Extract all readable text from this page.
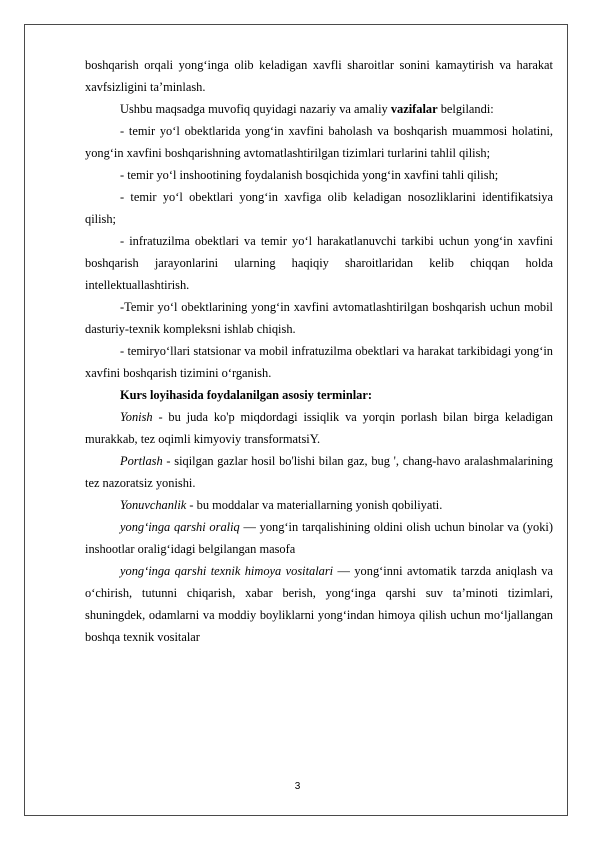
boshqarish orqali yong‘inga olib keladigan xavfli sharoitlar sonini kamaytirish va harakat xavfsizligini ta’minlash.

Ushbu maqsadga muvofiq quyidagi nazariy va amaliy vazifalar belgilandi:

- temir yo‘l obektlarida yong‘in xavfini baholash va boshqarish muammosi holatini, yong‘in xavfini boshqarishning avtomatlashtirilgan tizimlari turlarini tahlil qilish;

- temir yo‘l inshootining foydalanish bosqichida yong‘in xavfini tahli qilish;

- temir yo‘l obektlari yong‘in xavfiga olib keladigan nosozliklarini identifikatsiya qilish;

- infratuzilma obektlari va temir yo‘l harakatlanuvchi tarkibi uchun yong‘in xavfini boshqarish jarayonlarini ularning haqiqiy sharoitlaridan kelib chiqqan holda intellektuallashtirish.

-Temir yo‘l obektlarining yong‘in xavfini avtomatlashtirilgan boshqarish uchun mobil dasturiy-texnik kompleksni ishlab chiqish.

- temiryo‘llari statsionar va mobil infratuzilma obektlari va harakat tarkibidagi yong‘in xavfini boshqarish tizimini o‘rganish.

Kurs loyihasida foydalanilgan asosiy terminlar:

Yonish - bu juda ko'p miqdordagi issiqlik va yorqin porlash bilan birga keladigan murakkab, tez oqimli kimyoviy transformatsiY.

Portlash - siqilgan gazlar hosil bo'lishi bilan gaz, bug ', chang-havo aralashmalarining tez nazoratsiz yonishi.

Yonuvchanlik - bu moddalar va materiallarning yonish qobiliyati.

yong‘inga qarshi oraliq — yong‘in tarqalishining oldini olish uchun binolar va (yoki) inshootlar oralig‘idagi belgilangan masofa

yong‘inga qarshi texnik himoya vositalari — yong‘inni avtomatik tarzda aniqlash va o‘chirish, tutunni chiqarish, xabar berish, yong‘inga qarshi suv ta’minoti tizimlari, shuningdek, odamlarni va moddiy boyliklarni yong‘indan himoya qilish uchun mo‘ljallangan boshqa texnik vositalar

3
